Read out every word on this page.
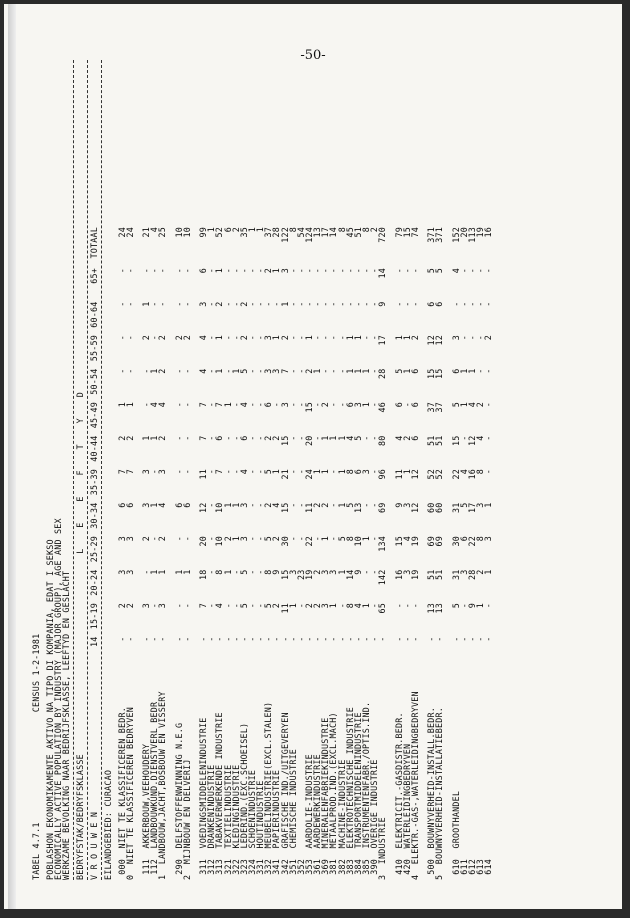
-50-
TABEL 4.7.1                     CENSUS 1-2-1981 POBLASHON EKONOMIKAMENTE AKTIVO NA TIPO DI KOMPANIA, EDAT I SEKSO
ECONOMICALLY ACTIVE POPULATION BY INDUSTRY (MAJOR GROUP), AGE AND SEX
WERKZAME BEVOLKING NAAR BEDRIJFSKLASSE, LEEFTYD EN GESLACHT BEDRYFSTAK/BEDRYFSKLASSE
L E E F T Y D
V R O U W E N
14
15-19
20-24
25-29
30-34
35-39
40-44
45-49
50-54
55-59
60-64
65+
TOTAAL
EILANDGEBIED: CURACAO 000  NIET TE KLASSIFICEREN BEDR.
-
2
3
3
6
7
2
1
-
-
-
-
24
0  NIET TE KLASSIFICEREN BEDRYVEN
-
2
3
3
6
7
2
1
-
-
-
-
24
111  AKKERBOUW,VEEHOUDERY
-
3
-
2
3
3
1
-
-
2
1
-
21
112  LANDBOUWKUND.DIENSTVERL BEDR
-
-
1
-
1
-
1
4
1
-
-
-
4
1  LANDBOUW,JACHT,BOSBOUW EN VISSERY
-
3
1
2
4
3
2
4
2
2
-
-
25
290  DELFSTOFFENWINNING N.E.G
-
-
1
-
6
-
-
-
-
2
-
-
10
2  MIJNBOUW EN DELVERIJ
-
-
1
-
6
-
-
-
-
2
-
-
10
311  VOEDINGSMIDDELENINDUSTRIE
-
7
18
20
12
11
7
7
4
4
3
6
99
312  DRANKENINDUSTRIE
-
-
-
-
-
-
-
-
-
-
-
-
1
313  TABAKVERWERKENDE INDUSTRIE
-
4
8
10
10
7
6
7
1
1
2
1
52
321  TEXTIELINDUSTRIE
-
-
1
2
1
-
-
1
-
-
-
-
6
322  KLEDINGINDUSTRIE
-
-
-
1
1
-
-
-
1
-
-
-
2
323  LEDERIND.(EXC.SCHOEISEL)
-
5
5
3
3
4
6
4
5
2
2
-
35
324  SCHOENINDUSTRIE
-
-
-
-
-
-
-
-
-
-
-
-
1
331  HOUTINDUSTRIE
-
-
-
-
-
-
-
-
-
-
-
-
1
332  MEUBELINDUSTRIE(EXCL.STALEN)
-
5
8
5
2
5
2
6
3
3
-
2
37
341  PAPIERINDUSTRIE
-
2
9
2
4
1
2
-
3
1
-
1
28
342  GRAFISCHE IND./UITGEVERYEN
-
11
15
30
15
21
15
3
7
2
1
3
122
351  CHEMISCHE INDUSTRIE
-
1
3
-
-
-
-
-
-
-
-
-
8
352
-
-
23
-
-
-
-
-
-
-
-
-
54
353  AARDOLIE-INDUSTRIE
-
2
19
22
11
24
20
15
2
1
-
-
124
361  AARDEWERKINDUSTRIE
-
2
2
-
2
1
-
-
1
-
-
-
13
369  MINERALENFABRIEKINDUSTRIE
-
3
3
1
2
1
1
2
-
-
-
-
17
381  METAALPROD.IND.(EXCL.MACH)
-
1
3
-
-
-
1
-
-
-
-
-
14
382  MACHINE-INDUSTRIE
-
-
1
5
1
1
1
-
-
-
-
-
8
383  ELEKTROTECHNISCHE INDUSTRIE
-
8
14
8
5
8
4
6
1
1
-
-
45
384  TRANSPORTMIDDELENINDUSTRIE
-
4
9
10
13
6
5
3
1
1
-
-
51
385  INSTRUMENTENFABR./OPTIS.IND.
-
1
-
1
-
3
-
1
1
-
-
-
8
390  OVERIGE INDUSTRIE
-
-
-
-
-
-
-
-
-
-
-
-
2
3  INDUSTRIE
-
65
142
134
69
96
80
46
28
17
9
14
720
410  ELEKTRICIT.-GASDISTR.BEDR.
-
-
16
15
9
11
4
6
5
1
-
-
79
420  WATERLEIDINGBEDRYVEN
-
-
3
4
3
1
2
-
1
1
-
-
15
4  ELEKTR.-GAS-,WATERLEIDINGBEDRYVEN
-
-
19
19
12
12
6
6
6
2
-
-
74
500  BOUWNYVERHEID-INSTALL.BEDR.
-
13
51
69
60
52
51
37
15
12
6
5
371
5  BOUWNYVERHEID-INSTALLATIEBEDR.
-
13
51
69
60
52
51
37
15
12
6
5
371
610  GROOTHANDEL
-
5
31
30
31
22
15
5
6
3
-
4
152
611
-
-
3
6
5
4
-
1
1
-
-
-
20
612
-
9
28
22
17
16
12
4
1
-
-
-
113
613
-
1
2
8
3
8
4
2
-
-
-
-
19
614
-
-
1
3
1
-
-
-
-
2
-
-
16
